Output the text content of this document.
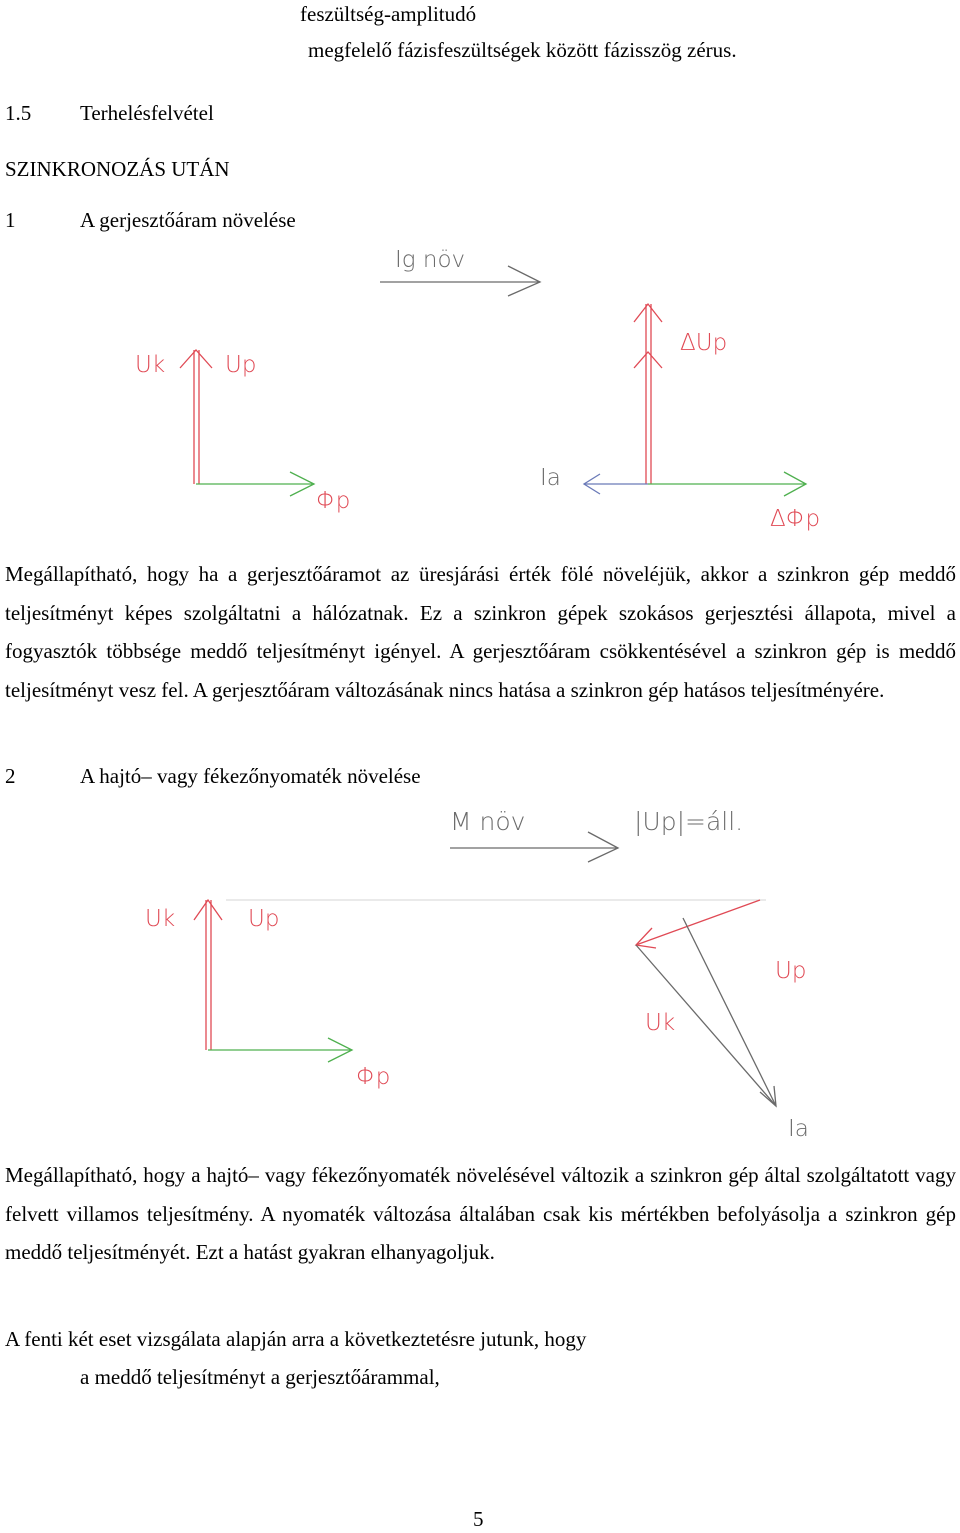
feszültség-amplitudó
megfelelő fázisfeszültségek között fázisszög zérus.
1.5 Terhelésfelvétel
SZINKRONOZÁS UTÁN
1	A gerjesztőáram növelése
Ig növ
Uk	Up
Φp
ΔUp
Ia
ΔΦp
Megállapítható, hogy ha a gerjesztőáramot az üresjárási érték fölé növeléjük, akkor a szinkron gép meddő teljesítményt képes szolgáltatni a hálózatnak. Ez a szinkron gépek szokásos gerjesztési állapota, mivel a fogyasztók többsége meddő teljesítményt igényel. A gerjesztőáram csökkentésével a szinkron gép is meddő teljesítményt vesz fel. A gerjesztőáram változásának nincs hatása a szinkron gép hatásos teljesítményére.
2	A hajtó– vagy fékezőnyomaték növelése
M növ	|Up|=áll.
Uk	Up
Φp
Up
Uk
Ia
Megállapítható, hogy a hajtó– vagy fékezőnyomaték növelésével változik a szinkron gép által szolgáltatott vagy felvett villamos teljesítmény. A nyomaték változása általában csak kis mértékben befolyásolja a szinkron gép meddő teljesítményét. Ezt a hatást gyakran elhanyagoljuk.
A fenti két eset vizsgálata alapján arra a következtetésre jutunk, hogy
a meddő teljesítményt a gerjesztőárammal,
5
